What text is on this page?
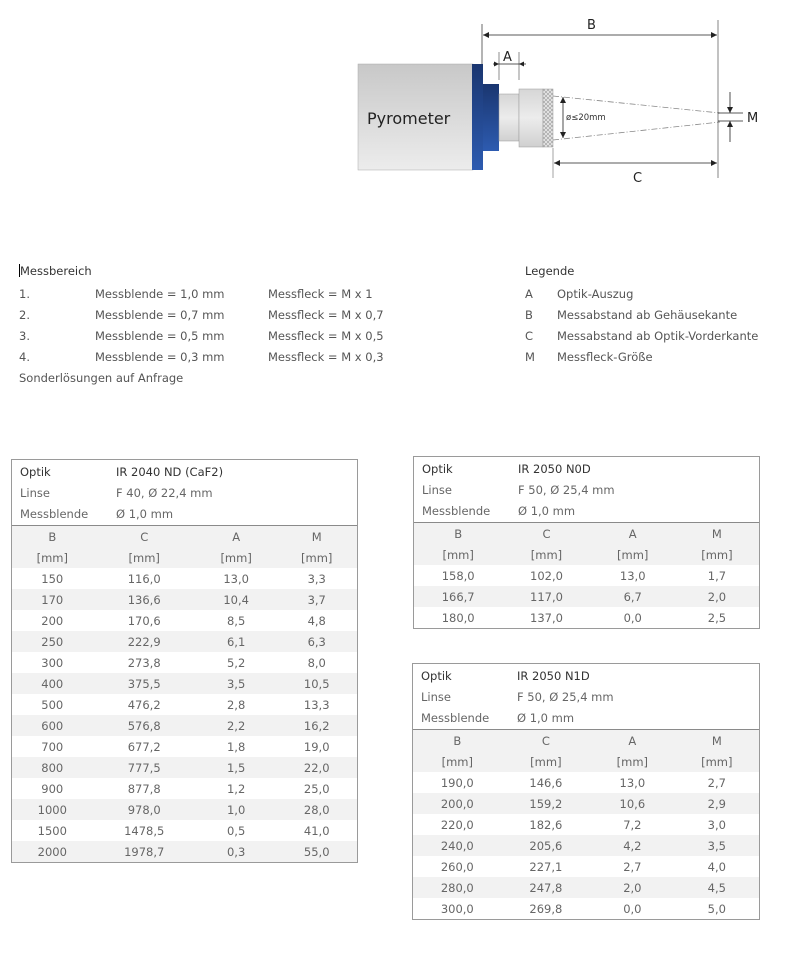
Pyrometer	ø≤20mm
B
A
C
M
Messbereich
1.	Messblende = 1,0 mm	Messfleck = M x 1
2.	Messblende = 0,7 mm	Messfleck = M x 0,7
3.	Messblende = 0,5 mm	Messfleck = M x 0,5
4.	Messblende = 0,3 mm	Messfleck = M x 0,3
Sonderlösungen auf Anfrage
Legende
A Optik-Auszug
B Messabstand ab Gehäusekante
C Messabstand ab Optik-Vorderkante
M Messfleck-Größe
Optik	IR 2040 ND (CaF2)
Linse	F 40, Ø 22,4 mm
Messblende Ø 1,0 mm
B	C	A	M
[mm]	[mm]	[mm]	[mm]
150	116,0	13,0	3,3
170	136,6	10,4	3,7
200	170,6	8,5	4,8
250	222,9	6,1	6,3
300	273,8	5,2	8,0
400	375,5	3,5	10,5
500	476,2	2,8	13,3
600	576,8	2,2	16,2
700	677,2	1,8	19,0
800	777,5	1,5	22,0
900	877,8	1,2	25,0
1000	978,0	1,0	28,0
1500	1478,5	0,5	41,0
2000	1978,7	0,3	55,0
Optik	IR 2050 N0D
Linse	F 50, Ø 25,4 mm
Messblende Ø 1,0 mm
B	C	A	M
[mm]	[mm]	[mm]	[mm]
158,0	102,0	13,0	1,7
166,7	117,0	6,7	2,0
180,0	137,0	0,0	2,5
Optik	IR 2050 N1D
Linse	F 50, Ø 25,4 mm
Messblende Ø 1,0 mm
B	C	A	M
[mm]	[mm]	[mm]	[mm]
190,0	146,6	13,0	2,7
200,0	159,2	10,6	2,9
220,0	182,6	7,2	3,0
240,0	205,6	4,2	3,5
260,0	227,1	2,7	4,0
280,0	247,8	2,0	4,5
300,0	269,8	0,0	5,0
